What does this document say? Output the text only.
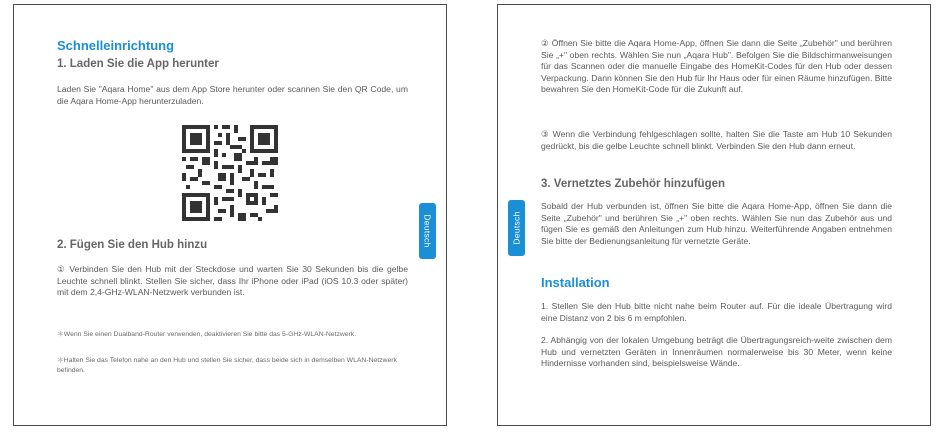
Schnelleinrichtung
1. Laden Sie die App herunter

Laden Sie "Aqara Home" aus dem App Store herunter oder scannen Sie den QR Code, um die Aqara Home-App herunterzuladen.

2. Fügen Sie den Hub hinzu

① Verbinden Sie den Hub mit der Steckdose und warten Sie 30 Sekunden bis die gelbe Leuchte schnell blinkt. Stellen Sie sicher, dass Ihr iPhone oder iPad (iOS 10.3 oder später) mit dem 2,4-GHz-WLAN-Netzwerk verbunden ist.

＊Wenn Sie einen Dualband-Router verwenden, deaktivieren Sie bitte das 5-GHz-WLAN-Netzwerk.

＊Halten Sie das Telefon nahe an den Hub und stellen Sie sicher, dass beide sich in demselben WLAN-Netzwerk befinden.

Deutsch

② Öffnen Sie bitte die Aqara Home-App, öffnen Sie dann die Seite „Zubehör" und berühren Sie „+" oben rechts. Wählen Sie nun „Aqara Hub". Befolgen Sie die Bildschirmanweisungen für das Scannen oder die manuelle Eingabe des HomeKit-Codes für den Hub oder dessen Verpackung. Dann können Sie den Hub für Ihr Haus oder für einen Räume hinzufügen. Bitte bewahren Sie den HomeKit-Code für die Zukunft auf.

③ Wenn die Verbindung fehlgeschlagen sollte, halten Sie die Taste am Hub 10 Sekunden gedrückt, bis die gelbe Leuchte schnell blinkt. Verbinden Sie den Hub dann erneut.

3. Vernetztes Zubehör hinzufügen

Sobald der Hub verbunden ist, öffnen Sie bitte die Aqara Home-App, öffnen Sie dann die Seite „Zubehör" und berühren Sie „+" oben rechts. Wählen Sie nun das Zubehör aus und fügen Sie es gemäß den Anleitungen zum Hub hinzu. Weiterführende Angaben entnehmen Sie bitte der Bedienungsanleitung für vernetzte Geräte.

Installation

1. Stellen Sie den Hub bitte nicht nahe beim Router auf. Für die ideale Übertragung wird eine Distanz von 2 bis 6 m empfohlen.

2. Abhängig von der lokalen Umgebung beträgt die Übertragungsreich-weite zwischen dem Hub und vernetzten Geräten in Innenräumen normalerweise bis 30 Meter, wenn keine Hindernisse vorhanden sind, beispielsweise Wände.

Deutsch
